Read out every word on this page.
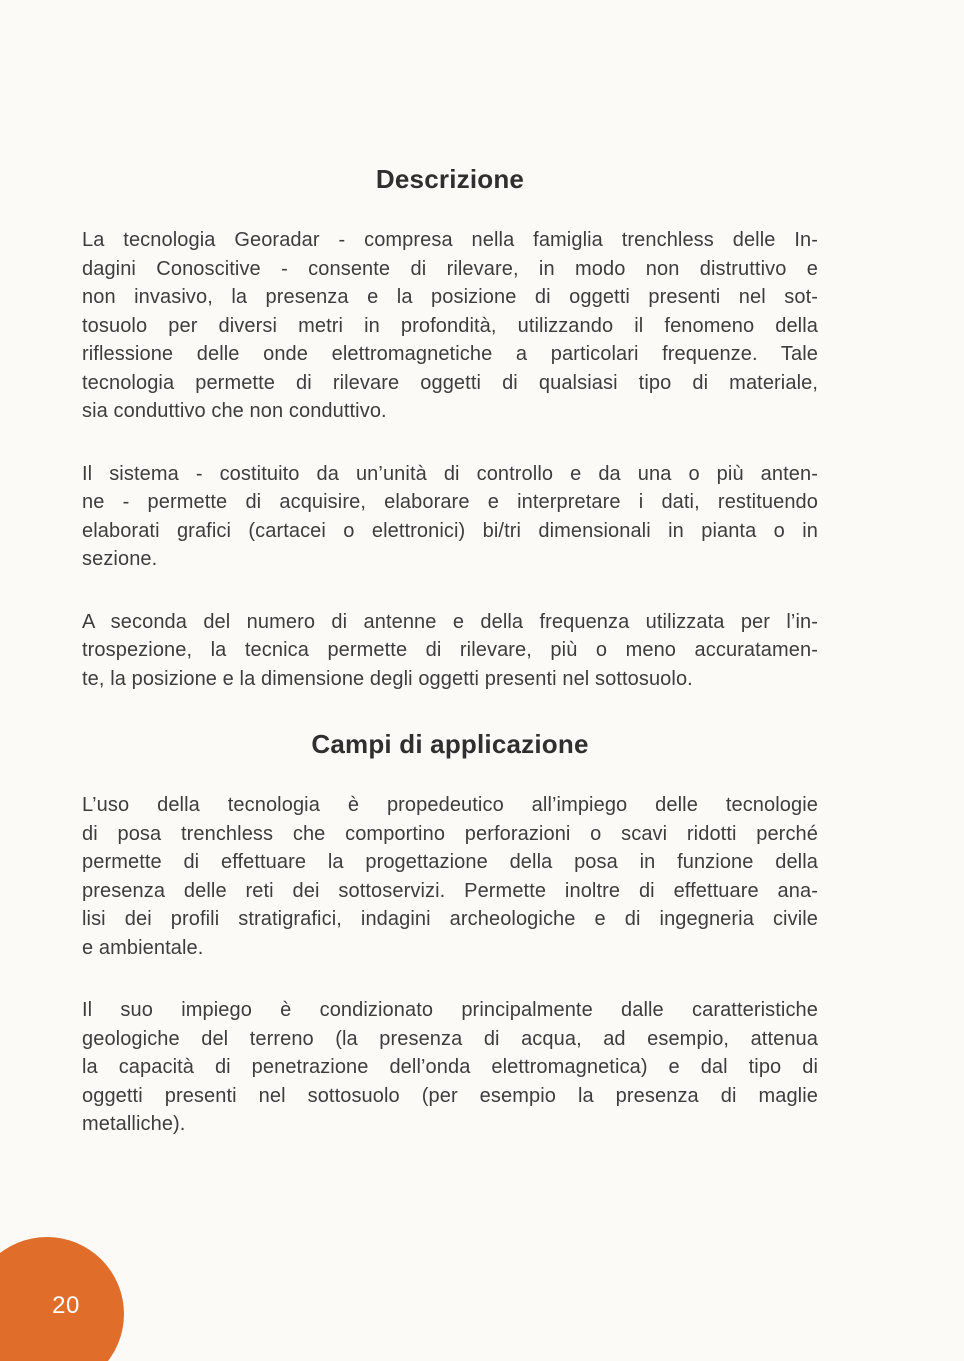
Descrizione

La tecnologia Georadar - compresa nella famiglia trenchless delle In-
dagini Conoscitive - consente di rilevare, in modo non distruttivo e
non invasivo, la presenza e la posizione di oggetti presenti nel sot-
tosuolo per diversi metri in profondità, utilizzando il fenomeno della
riflessione delle onde elettromagnetiche a particolari frequenze. Tale
tecnologia permette di rilevare oggetti di qualsiasi tipo di materiale,
sia conduttivo che non conduttivo.

Il sistema - costituito da un’unità di controllo e da una o più anten-
ne - permette di acquisire, elaborare e interpretare i dati, restituendo
elaborati grafici (cartacei o elettronici) bi/tri dimensionali in pianta o in
sezione.

A seconda del numero di antenne e della frequenza utilizzata per l’in-
trospezione, la tecnica permette di rilevare, più o meno accuratamen-
te, la posizione e la dimensione degli oggetti presenti nel sottosuolo.

Campi di applicazione

L’uso della tecnologia è propedeutico all’impiego delle tecnologie
di posa trenchless che comportino perforazioni o scavi ridotti perché
permette di effettuare la progettazione della posa in funzione della
presenza delle reti dei sottoservizi. Permette inoltre di effettuare ana-
lisi dei profili stratigrafici, indagini archeologiche e di ingegneria civile
e ambientale.

Il suo impiego è condizionato principalmente dalle caratteristiche
geologiche del terreno (la presenza di acqua, ad esempio, attenua
la capacità di penetrazione dell’onda elettromagnetica) e dal tipo di
oggetti presenti nel sottosuolo (per esempio la presenza di maglie
metalliche).

20
